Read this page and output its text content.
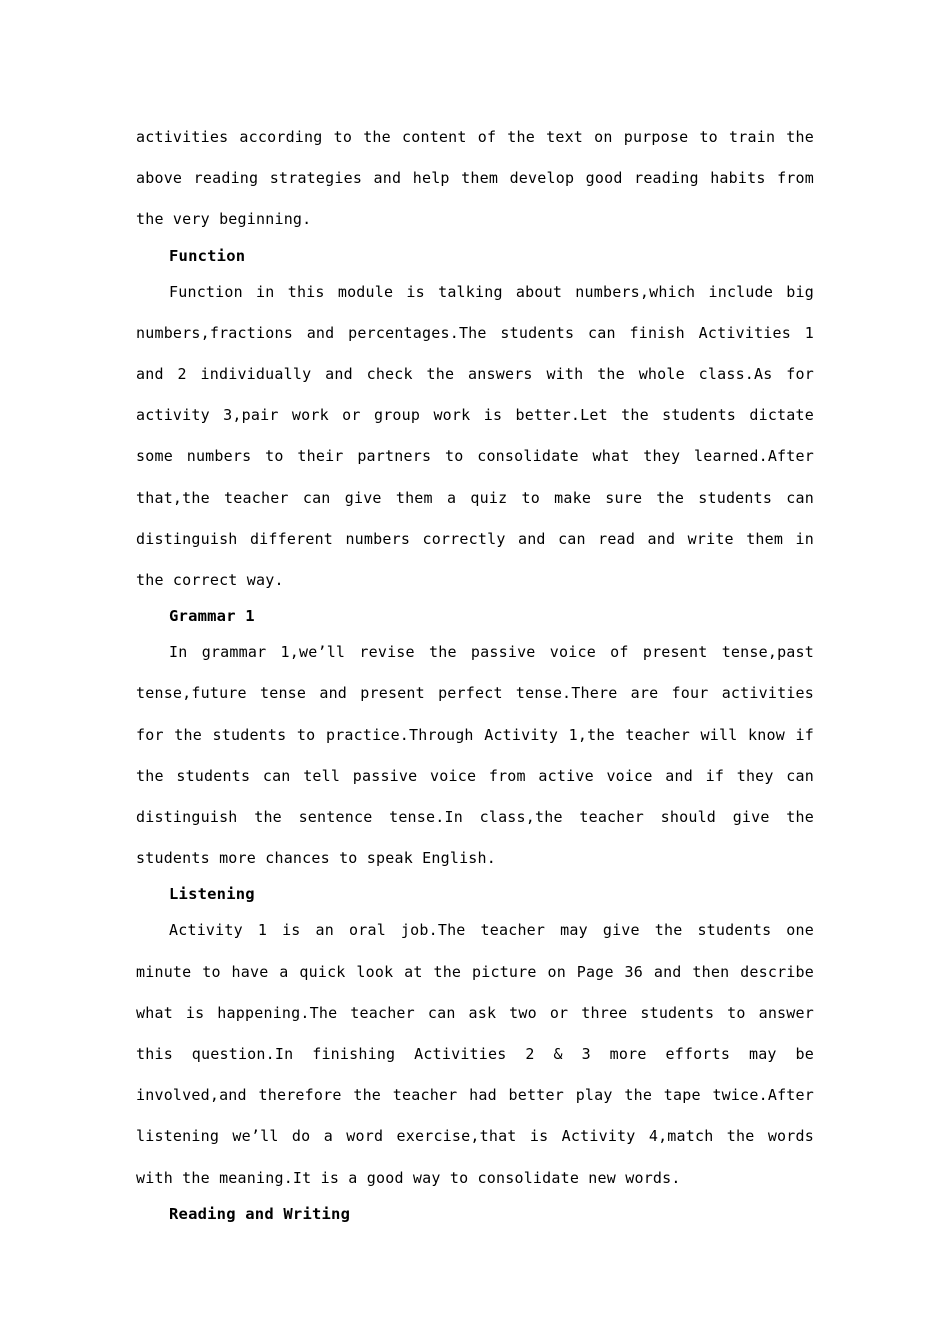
activities according to the content of the text on purpose to train the above reading strategies and help them develop good reading habits from the very beginning.

Function

Function in this module is talking about numbers,which include big numbers,fractions and percentages.The students can finish Activities 1 and 2 individually and check the answers with the whole class.As for activity 3,pair work or group work is better.Let the students dictate some numbers to their partners to consolidate what they learned.After that,the teacher can give them a quiz to make sure the students can distinguish different numbers correctly and can read and write them in the correct way.

Grammar 1

In grammar 1,we’ll revise the passive voice of present tense,past tense,future tense and present perfect tense.There are four activities for the students to practice.Through Activity 1,the teacher will know if the students can tell passive voice from active voice and if they can distinguish the sentence tense.In class,the teacher should give the students more chances to speak English.

Listening

Activity 1 is an oral job.The teacher may give the students one minute to have a quick look at the picture on Page 36 and then describe what is happening.The teacher can ask two or three students to answer this question.In finishing Activities 2 & 3 more efforts may be involved,and therefore the teacher had better play the tape twice.After listening we’ll do a word exercise,that is Activity 4,match the words with the meaning.It is a good way to consolidate new words.

Reading and Writing
